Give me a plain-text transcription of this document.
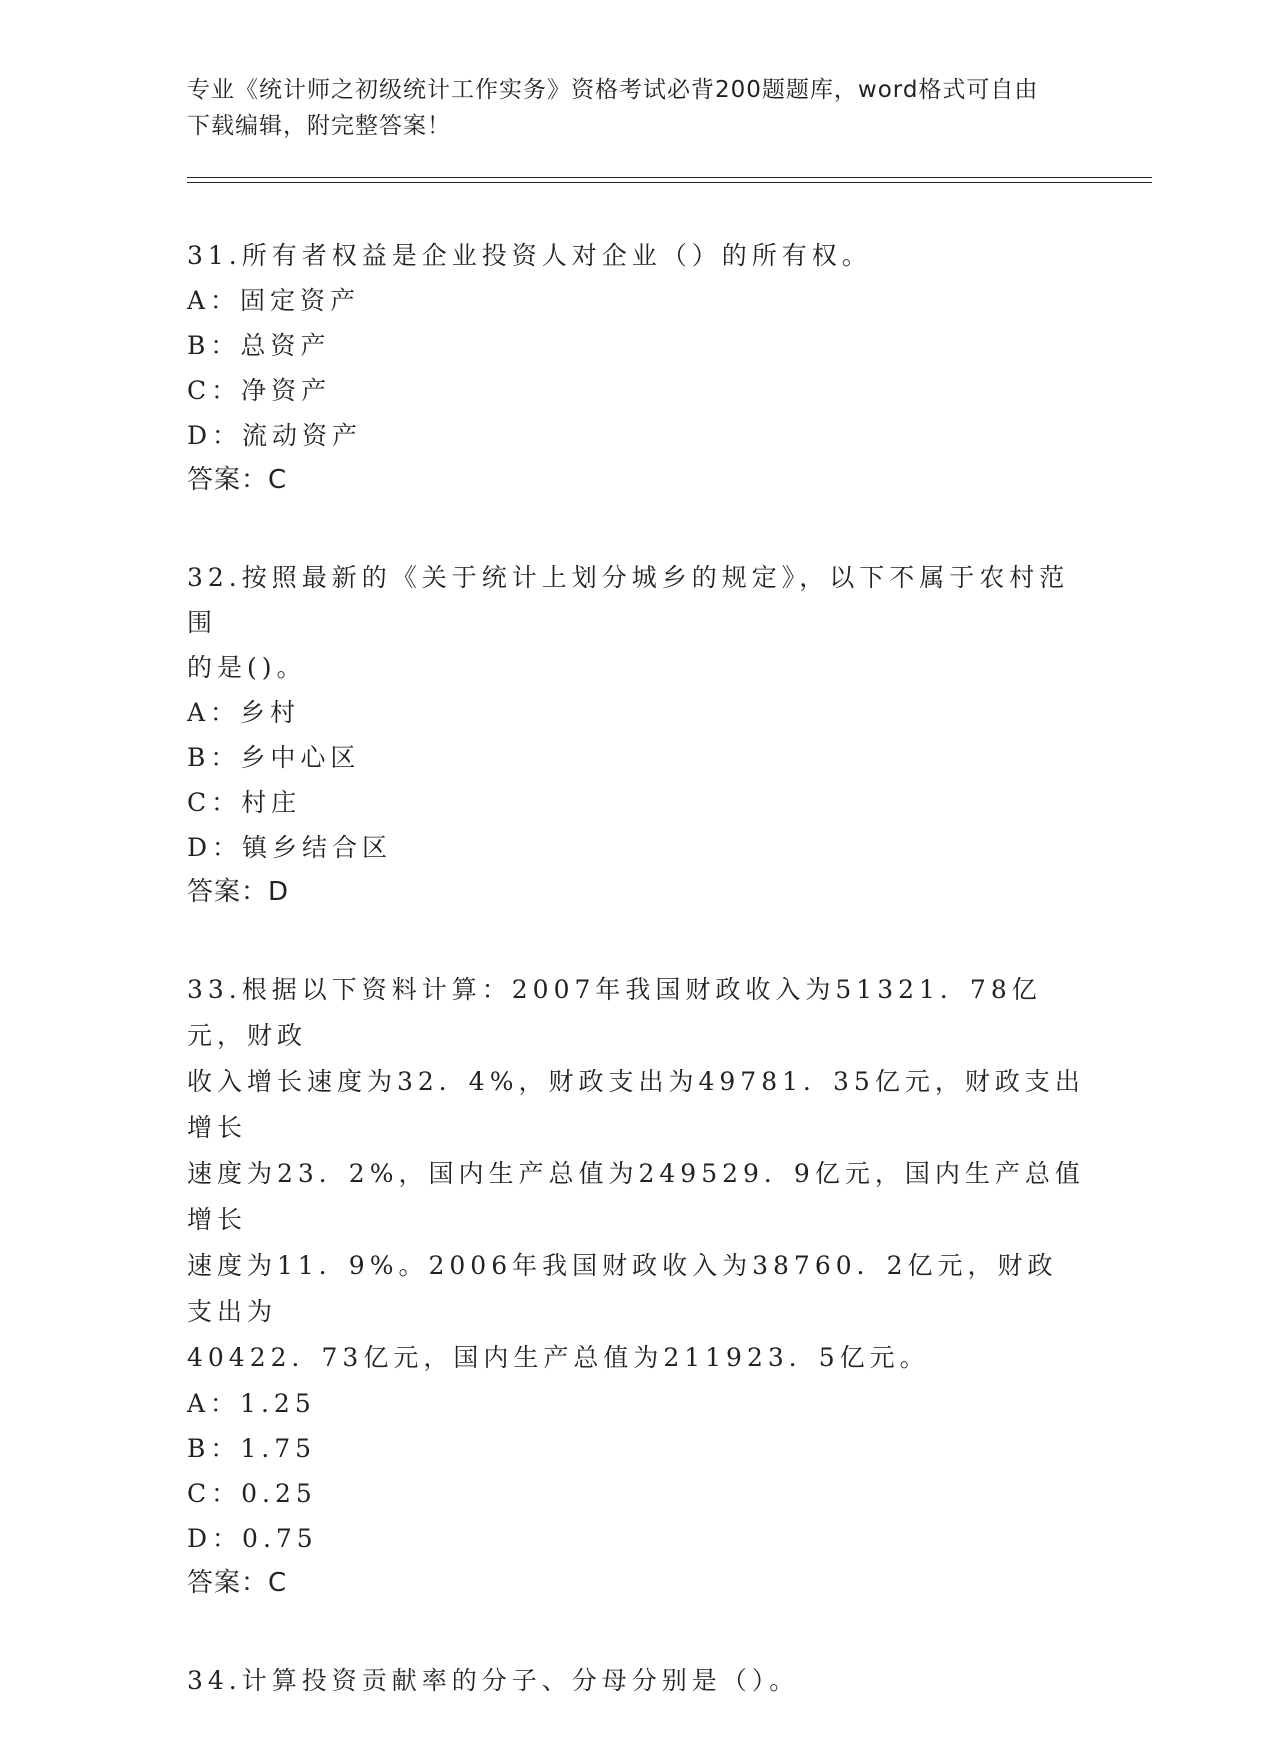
专业《统计师之初级统计工作实务》资格考试必背200题题库，word格式可自由
下载编辑，附完整答案！

31.所有者权益是企业投资人对企业（）的所有权。

A：固定资产

B：总资产

C：净资产

D：流动资产

答案：C

32.按照最新的《关于统计上划分城乡的规定》，以下不属于农村范围

的是()。

A：乡村

B：乡中心区

C：村庄

D：镇乡结合区

答案：D

33.根据以下资料计算：2007年我国财政收入为51321．78亿元，财政

收入增长速度为32．4%，财政支出为49781．35亿元，财政支出增长

速度为23．2%，国内生产总值为249529．9亿元，国内生产总值增长

速度为11．9%。2006年我国财政收入为38760．2亿元，财政支出为

40422．73亿元，国内生产总值为211923．5亿元。

A：1.25

B：1.75

C：0.25

D：0.75

答案：C

34.计算投资贡献率的分子、分母分别是（）。
